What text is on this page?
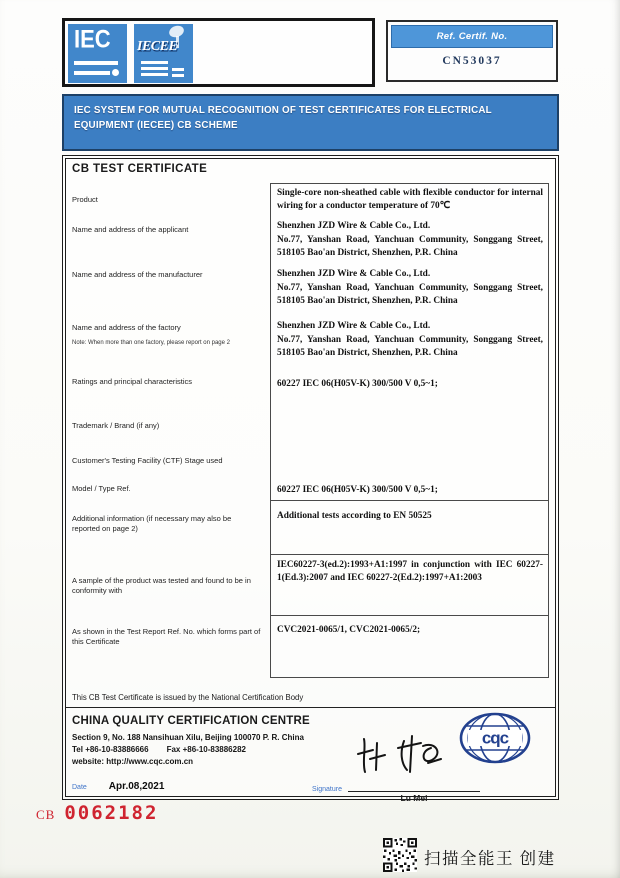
IEC	IECEE
Ref. Certif. No.
CN53037
IEC SYSTEM FOR MUTUAL RECOGNITION OF TEST CERTIFICATES FOR ELECTRICAL EQUIPMENT (IECEE) CB SCHEME
CB TEST CERTIFICATE
Product
Name and address of the applicant
Name and address of the manufacturer
Name and address of the factory
Note: When more than one factory, please report on page 2
Ratings and principal characteristics
Trademark / Brand (if any)
Customer's Testing Facility (CTF) Stage used
Model / Type Ref.
Additional information (if necessary may also be reported on page 2)
A sample of the product was tested and found to be in conformity with
As shown in the Test Report Ref. No. which forms part of this Certificate
Single-core non-sheathed cable with flexible conductor for internal wiring for a conductor temperature of 70℃
Shenzhen JZD Wire & Cable Co., Ltd.
No.77, Yanshan Road, Yanchuan Community, Songgang Street, 518105 Bao'an District, Shenzhen, P.R. China
Shenzhen JZD Wire & Cable Co., Ltd.
No.77, Yanshan Road, Yanchuan Community, Songgang Street, 518105 Bao'an District, Shenzhen, P.R. China
Shenzhen JZD Wire & Cable Co., Ltd.
No.77, Yanshan Road, Yanchuan Community, Songgang Street, 518105 Bao'an District, Shenzhen, P.R. China
60227 IEC 06(H05V-K) 300/500 V 0,5~1;
60227 IEC 06(H05V-K) 300/500 V 0,5~1;
Additional tests according to EN 50525
IEC60227-3(ed.2):1993+A1:1997 in conjunction with IEC 60227-1(Ed.3):2007 and IEC 60227-2(Ed.2):1997+A1:2003
CVC2021-0065/1, CVC2021-0065/2;
This CB Test Certificate is issued by the National Certification Body
CHINA QUALITY CERTIFICATION CENTRE
Section 9, No. 188 Nansihuan Xilu, Beijing 100070 P. R. China
Tel +86-10-83886666 Fax +86-10-83886282
website: http://www.cqc.com.cn
Date Apr.08,2021	Signature
Lu Mei
cqc
CB 0062182
扫描全能王 创建
